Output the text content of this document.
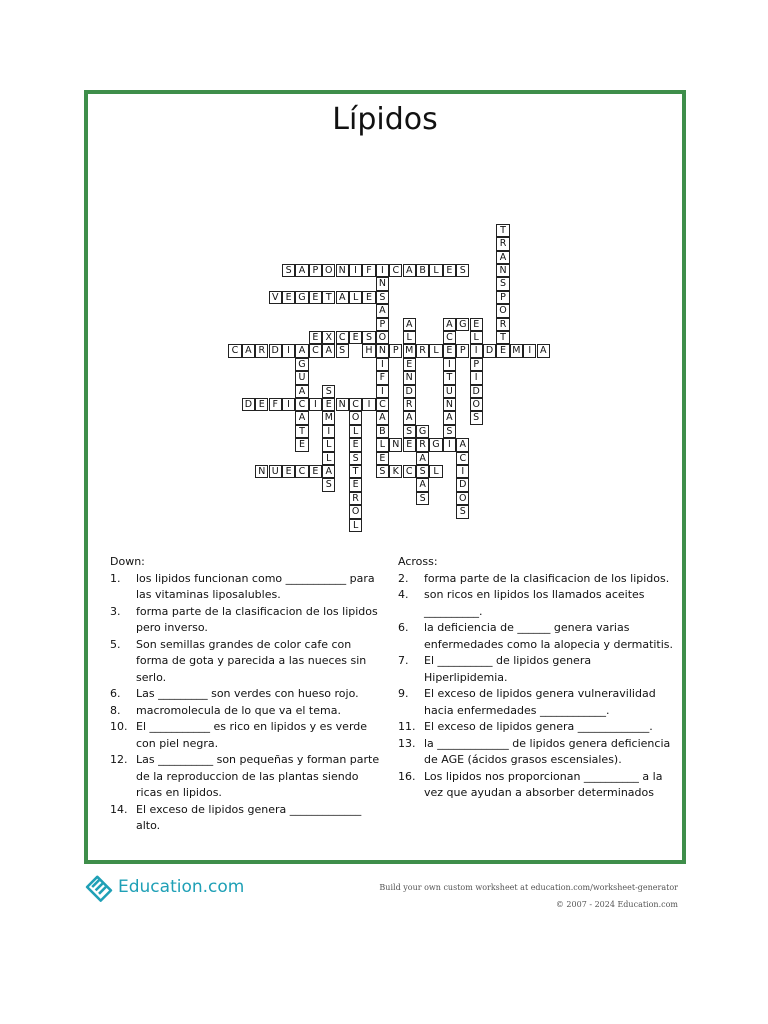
Lípidos
S A P O N I F I C A B L E S
N
S
A
P
O
N
I
F
I
C
A
B
L
E
S
T
R
A
N
S
P
O
R
T
E
V E G E T A L E
A
L
M
E
N
D
R
A
S
A G E
C
E
I
T
U
N
A
S
E X C E S	L
I
P
I
D
O
S
C A R D I A C A S
G
U
A
C
A
T
E
H	P	R L	P	D	M I A
S
E
M
I
L
L
A
S
D E F I	I	N C I
O
L
E
S
T
E
R
O
L
G
R
A
S
A
S
N E	G I A
C
I
D
O
S
N U E C E	K C	L
Down:
1.	los lipidos funcionan como ___________ para las vitaminas liposalubles.
3.	forma parte de la clasificacion de los lipidos pero inverso.
5.	Son semillas grandes de color cafe con forma de gota y parecida a las nueces sin serlo.
6.	Las _________ son verdes con hueso rojo.
8.	macromolecula de lo que va el tema.
10. El ___________ es rico en lipidos y es verde con piel negra.
12. Las __________ son pequeñas y forman parte de la reproduccion de las plantas siendo ricas en lipidos.
14. El exceso de lipidos genera _____________ alto.
Across:
2.	forma parte de la clasificacion de los lipidos.
4.	son ricos en lipidos los llamados aceites __________.
6.	la deficiencia de ______ genera varias enfermedades como la alopecia y dermatitis.
7.	El __________ de lipidos genera Hiperlipidemia.
9.	El exceso de lipidos genera vulneravilidad hacia enfermedades ____________.
11. El exceso de lipidos genera _____________.
13. la _____________ de lipidos genera deficiencia de AGE (ácidos grasos escensiales).
16. Los lipidos nos proporcionan __________ a la vez que ayudan a absorber determinados
Education.com	Build your own custom worksheet at education.com/worksheet-generator
© 2007 - 2024 Education.com
